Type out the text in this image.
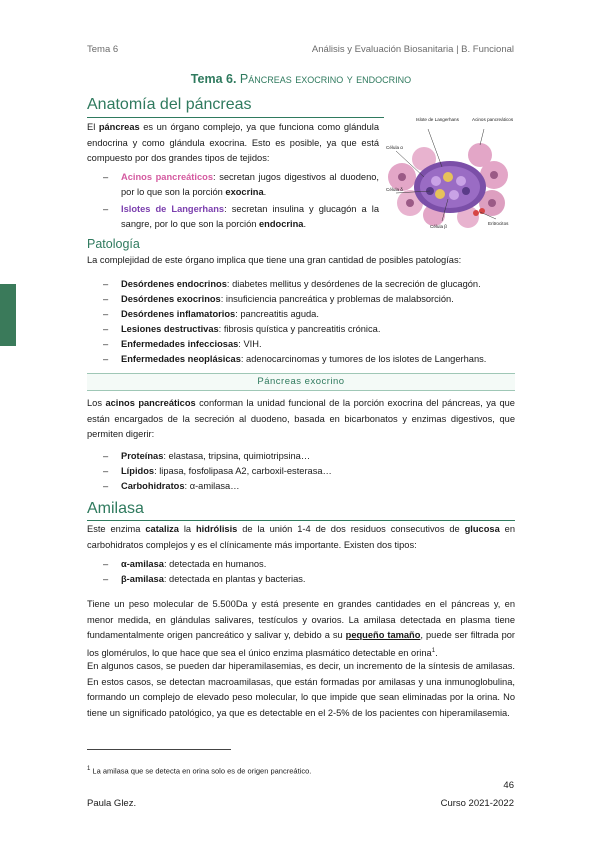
Tema 6	Análisis y Evaluación Biosanitaria | B. Funcional
Tema 6. Páncreas exocrino y endocrino
Anatomía del páncreas

El páncreas es un órgano complejo, ya que funciona como glándula endocrina y como glándula exocrina. Esto es posible, ya que está compuesto por dos grandes tipos de tejidos:

– Acinos pancreáticos: secretan jugos digestivos al duodeno, por lo que son la porción exocrina.
– Islotes de Langerhans: secretan insulina y glucagón a la sangre, por lo que son la porción endocrina.
Islote de Langerhans	Acinos pancreáticos
Célula α
Célula δ
Célula β
Eritrocitos
Patología

La complejidad de este órgano implica que tiene una gran cantidad de posibles patologías:

– Desórdenes endocrinos: diabetes mellitus y desórdenes de la secreción de glucagón.
– Desórdenes exocrinos: insuficiencia pancreática y problemas de malabsorción.
– Desórdenes inflamatorios: pancreatitis aguda.
– Lesiones destructivas: fibrosis quística y pancreatitis crónica.
– Enfermedades infecciosas: VIH.
– Enfermedades neoplásicas: adenocarcinomas y tumores de los islotes de Langerhans.
Páncreas exocrino

Los acinos pancreáticos conforman la unidad funcional de la porción exocrina del páncreas, ya que están encargados de la secreción al duodeno, basada en bicarbonatos y enzimas digestivos, que permiten digerir:

– Proteínas: elastasa, tripsina, quimiotripsina…
– Lípidos: lipasa, fosfolipasa A2, carboxil-esterasa…
– Carbohidratos: α-amilasa…
Amilasa

Este enzima cataliza la hidrólisis de la unión 1-4 de dos residuos consecutivos de glucosa en carbohidratos complejos y es el clínicamente más importante. Existen dos tipos:

– α-amilasa: detectada en humanos.
– β-amilasa: detectada en plantas y bacterias.

Tiene un peso molecular de 5.500Da y está presente en grandes cantidades en el páncreas y, en menor medida, en glándulas salivares, testículos y ovarios. La amilasa detectada en plasma tiene fundamentalmente origen pancreático y salivar y, debido a su pequeño tamaño, puede ser filtrada por los glomérulos, lo que hace que sea el único enzima plasmático detectable en orina$^1$.

En algunos casos, se pueden dar hiperamilasemias, es decir, un incremento de la síntesis de amilasas. En estos casos, se detectan macroamilasas, que están formadas por amilasas y una inmunoglobulina, formando un complejo de elevado peso molecular, lo que impide que sean eliminadas por la orina. No tiene un significado patológico, ya que es detectable en el 2-5% de los pacientes con hiperamilasemia.

$^1$ La amilasa que se detecta en orina solo es de origen pancreático.
46
Paula Glez.	Curso 2021-2022
